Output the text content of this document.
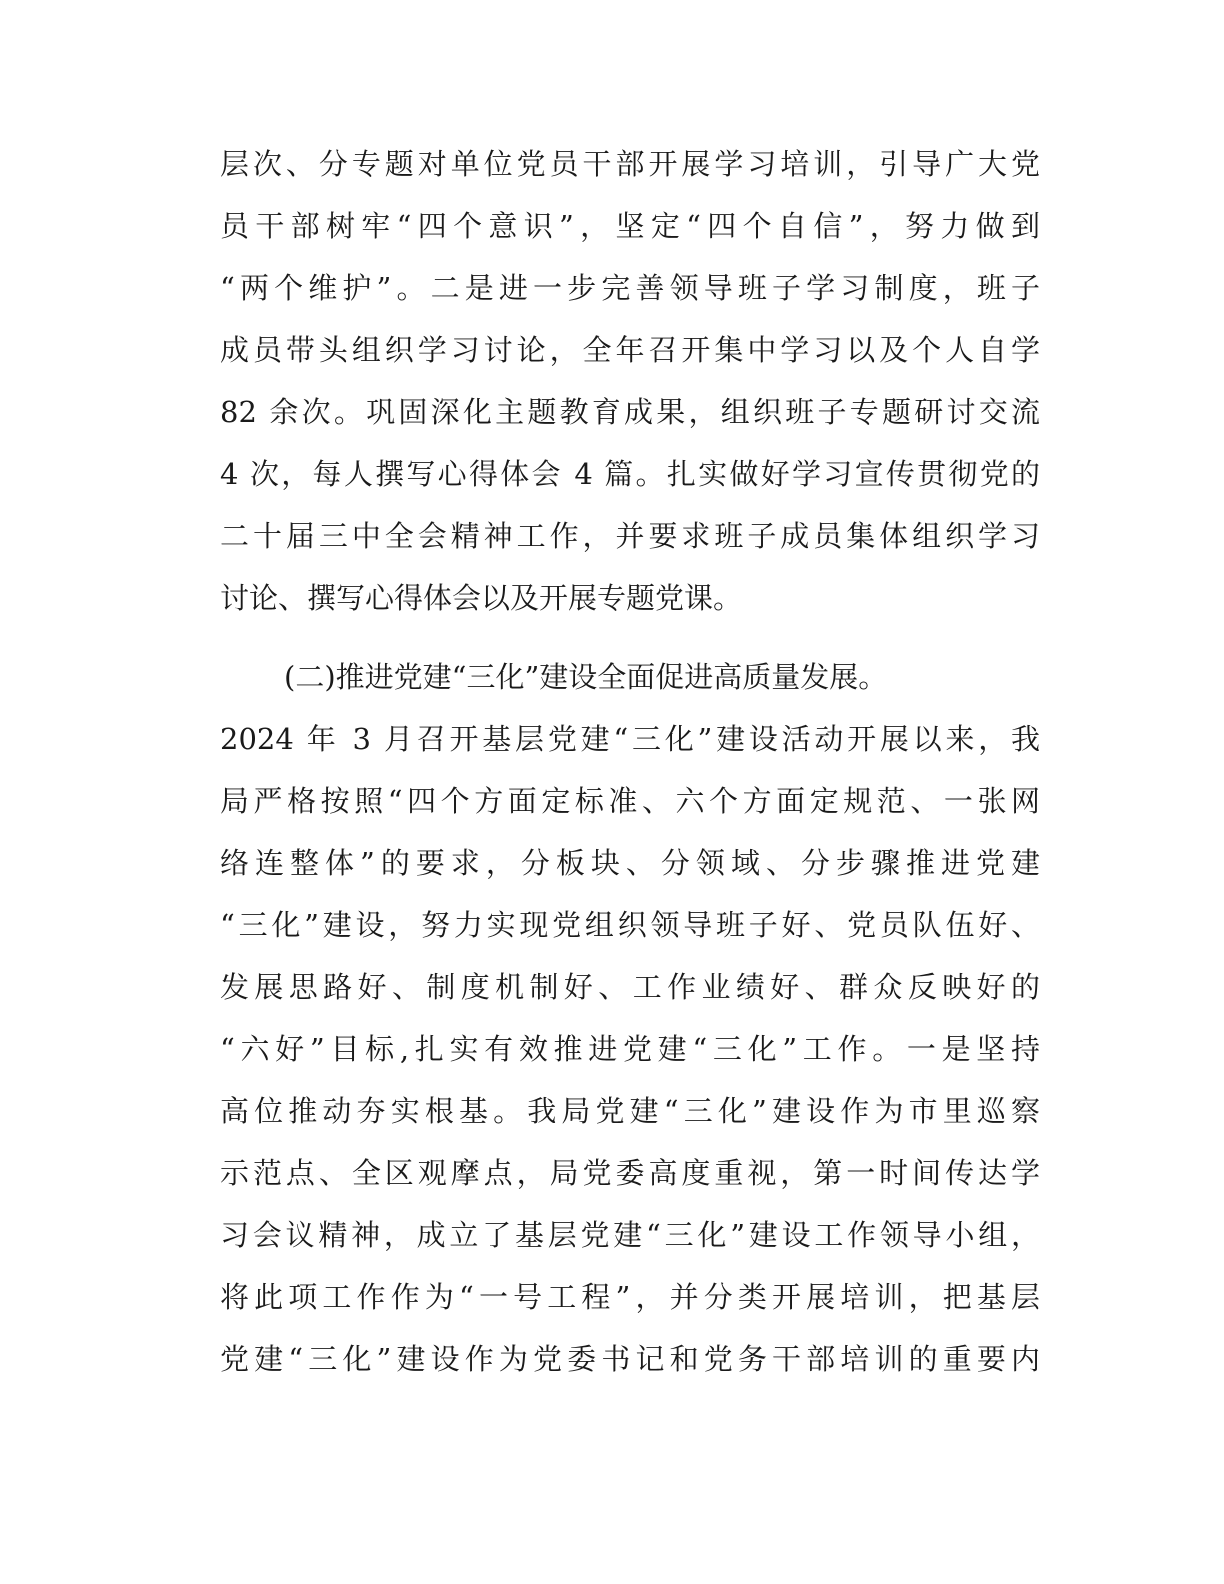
层次、分专题对单位党员干部开展学习培训，引导广大党
员干部树牢“四个意识”，坚定“四个自信”，努力做到
“两个维护”。二是进一步完善领导班子学习制度，班子
成员带头组织学习讨论，全年召开集中学习以及个人自学
82 余次。巩固深化主题教育成果，组织班子专题研讨交流
4 次，每人撰写心得体会 4 篇。扎实做好学习宣传贯彻党的
二十届三中全会精神工作，并要求班子成员集体组织学习
讨论、撰写心得体会以及开展专题党课。
(二)推进党建“三化”建设全面促进高质量发展。
2024 年 3 月召开基层党建“三化”建设活动开展以来，我
局严格按照“四个方面定标准、六个方面定规范、一张网
络连整体”的要求，分板块、分领域、分步骤推进党建
“三化”建设，努力实现党组织领导班子好、党员队伍好、
发展思路好、制度机制好、工作业绩好、群众反映好的
“六好”目标,扎实有效推进党建“三化”工作。一是坚持
高位推动夯实根基。我局党建“三化”建设作为市里巡察
示范点、全区观摩点，局党委高度重视，第一时间传达学
习会议精神，成立了基层党建“三化”建设工作领导小组，
将此项工作作为“一号工程”，并分类开展培训，把基层
党建“三化”建设作为党委书记和党务干部培训的重要内
